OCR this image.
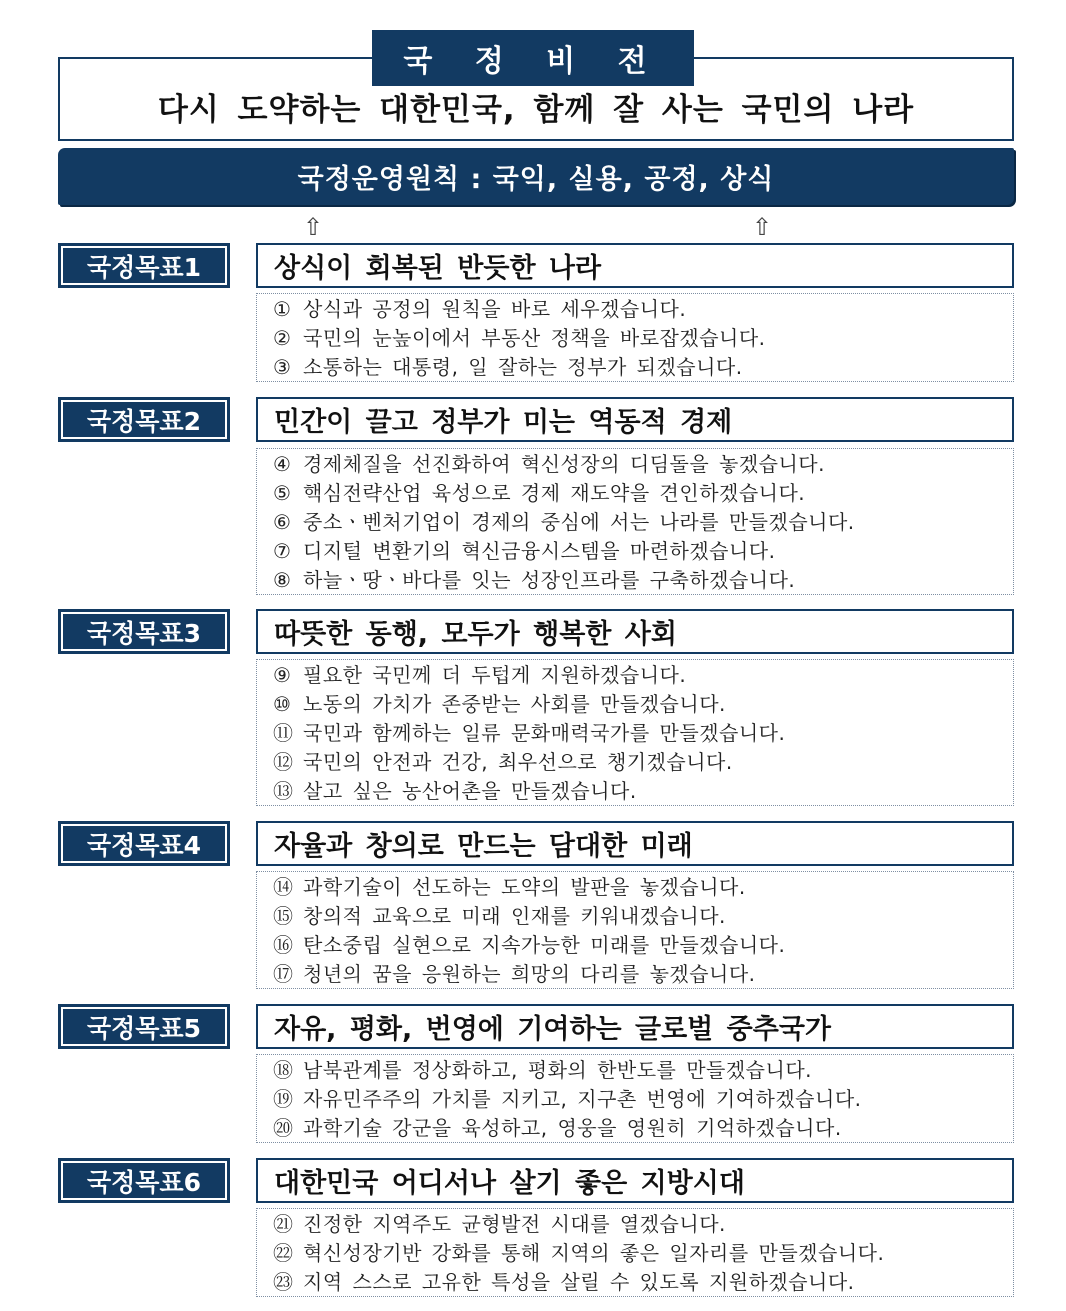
다시 도약하는 대한민국, 함께 잘 사는 국민의 나라
국 정 비 전
국정운영원칙 : 국익, 실용, 공정, 상식
⇧	⇧
국정목표1	상식이 회복된 반듯한 나라
① 상식과 공정의 원칙을 바로 세우겠습니다.
② 국민의 눈높이에서 부동산 정책을 바로잡겠습니다.
③ 소통하는 대통령, 일 잘하는 정부가 되겠습니다.
국정목표2	민간이 끌고 정부가 미는 역동적 경제
④ 경제체질을 선진화하여 혁신성장의 디딤돌을 놓겠습니다.
⑤ 핵심전략산업 육성으로 경제 재도약을 견인하겠습니다.
⑥ 중소ㆍ벤처기업이 경제의 중심에 서는 나라를 만들겠습니다.
⑦ 디지털 변환기의 혁신금융시스템을 마련하겠습니다.
⑧ 하늘ㆍ땅ㆍ바다를 잇는 성장인프라를 구축하겠습니다.
국정목표3	따뜻한 동행, 모두가 행복한 사회
⑨ 필요한 국민께 더 두텁게 지원하겠습니다.
⑩ 노동의 가치가 존중받는 사회를 만들겠습니다.
⑪ 국민과 함께하는 일류 문화매력국가를 만들겠습니다.
⑫ 국민의 안전과 건강, 최우선으로 챙기겠습니다.
⑬ 살고 싶은 농산어촌을 만들겠습니다.
국정목표4	자율과 창의로 만드는 담대한 미래
⑭ 과학기술이 선도하는 도약의 발판을 놓겠습니다.
⑮ 창의적 교육으로 미래 인재를 키워내겠습니다.
⑯ 탄소중립 실현으로 지속가능한 미래를 만들겠습니다.
⑰ 청년의 꿈을 응원하는 희망의 다리를 놓겠습니다.
국정목표5	자유, 평화, 번영에 기여하는 글로벌 중추국가
⑱ 남북관계를 정상화하고, 평화의 한반도를 만들겠습니다.
⑲ 자유민주주의 가치를 지키고, 지구촌 번영에 기여하겠습니다.
⑳ 과학기술 강군을 육성하고, 영웅을 영원히 기억하겠습니다.
국정목표6	대한민국 어디서나 살기 좋은 지방시대
㉑ 진정한 지역주도 균형발전 시대를 열겠습니다.
㉒ 혁신성장기반 강화를 통해 지역의 좋은 일자리를 만들겠습니다.
㉓ 지역 스스로 고유한 특성을 살릴 수 있도록 지원하겠습니다.
